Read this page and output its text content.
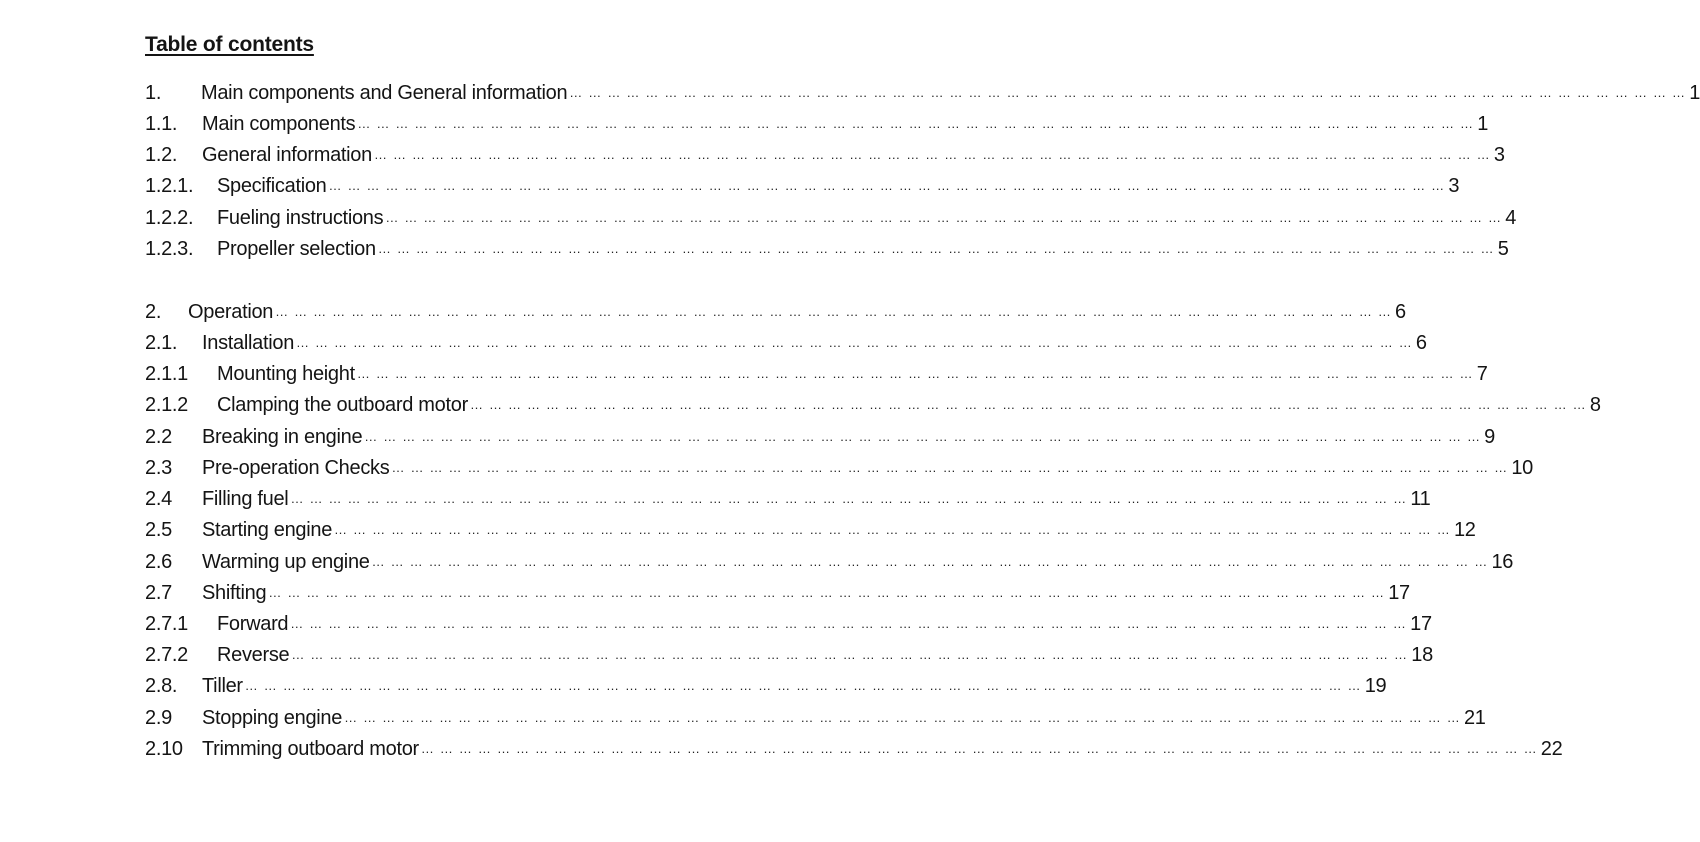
Table of contents
1.	Main components and General information … … … … … … … … … … … … … … … … … … … … … … … … … … … … … … … … … … … … … … … … … … … … … … … … … … … … … … … … … … … 1
1.1.	Main components … … … … … … … … … … … … … … … … … … … … … … … … … … … … … … … … … … … … … … … … … … … … … … … … … … … … … … … … … … … 1
1.2.	General information … … … … … … … … … … … … … … … … … … … … … … … … … … … … … … … … … … … … … … … … … … … … … … … … … … … … … … … … … … … 3
1.2.1.	Specification … … … … … … … … … … … … … … … … … … … … … … … … … … … … … … … … … … … … … … … … … … … … … … … … … … … … … … … … … … … 3
1.2.2.	Fueling instructions … … … … … … … … … … … … … … … … … … … … … … … … … … … … … … … … … … … … … … … … … … … … … … … … … … … … … … … … … … … 4
1.2.3.	Propeller selection … … … … … … … … … … … … … … … … … … … … … … … … … … … … … … … … … … … … … … … … … … … … … … … … … … … … … … … … … … … 5
2.	Operation … … … … … … … … … … … … … … … … … … … … … … … … … … … … … … … … … … … … … … … … … … … … … … … … … … … … … … … … … … … 6
2.1.	Installation … … … … … … … … … … … … … … … … … … … … … … … … … … … … … … … … … … … … … … … … … … … … … … … … … … … … … … … … … … … 6
2.1.1	Mounting height … … … … … … … … … … … … … … … … … … … … … … … … … … … … … … … … … … … … … … … … … … … … … … … … … … … … … … … … … … … 7
2.1.2	Clamping the outboard motor … … … … … … … … … … … … … … … … … … … … … … … … … … … … … … … … … … … … … … … … … … … … … … … … … … … … … … … … … … … 8
2.2	Breaking in engine … … … … … … … … … … … … … … … … … … … … … … … … … … … … … … … … … … … … … … … … … … … … … … … … … … … … … … … … … … … 9
2.3	Pre-operation Checks … … … … … … … … … … … … … … … … … … … … … … … … … … … … … … … … … … … … … … … … … … … … … … … … … … … … … … … … … … … 10
2.4	Filling fuel … … … … … … … … … … … … … … … … … … … … … … … … … … … … … … … … … … … … … … … … … … … … … … … … … … … … … … … … … … … 11
2.5	Starting engine … … … … … … … … … … … … … … … … … … … … … … … … … … … … … … … … … … … … … … … … … … … … … … … … … … … … … … … … … … … 12
2.6	Warming up engine … … … … … … … … … … … … … … … … … … … … … … … … … … … … … … … … … … … … … … … … … … … … … … … … … … … … … … … … … … … 16
2.7	Shifting … … … … … … … … … … … … … … … … … … … … … … … … … … … … … … … … … … … … … … … … … … … … … … … … … … … … … … … … … … … 17
2.7.1	Forward … … … … … … … … … … … … … … … … … … … … … … … … … … … … … … … … … … … … … … … … … … … … … … … … … … … … … … … … … … … 17
2.7.2	Reverse … … … … … … … … … … … … … … … … … … … … … … … … … … … … … … … … … … … … … … … … … … … … … … … … … … … … … … … … … … … 18
2.8.	Tiller … … … … … … … … … … … … … … … … … … … … … … … … … … … … … … … … … … … … … … … … … … … … … … … … … … … … … … … … … … … 19
2.9	Stopping engine … … … … … … … … … … … … … … … … … … … … … … … … … … … … … … … … … … … … … … … … … … … … … … … … … … … … … … … … … … … 21
2.10 Trimming outboard motor … … … … … … … … … … … … … … … … … … … … … … … … … … … … … … … … … … … … … … … … … … … … … … … … … … … … … … … … … … … 22
